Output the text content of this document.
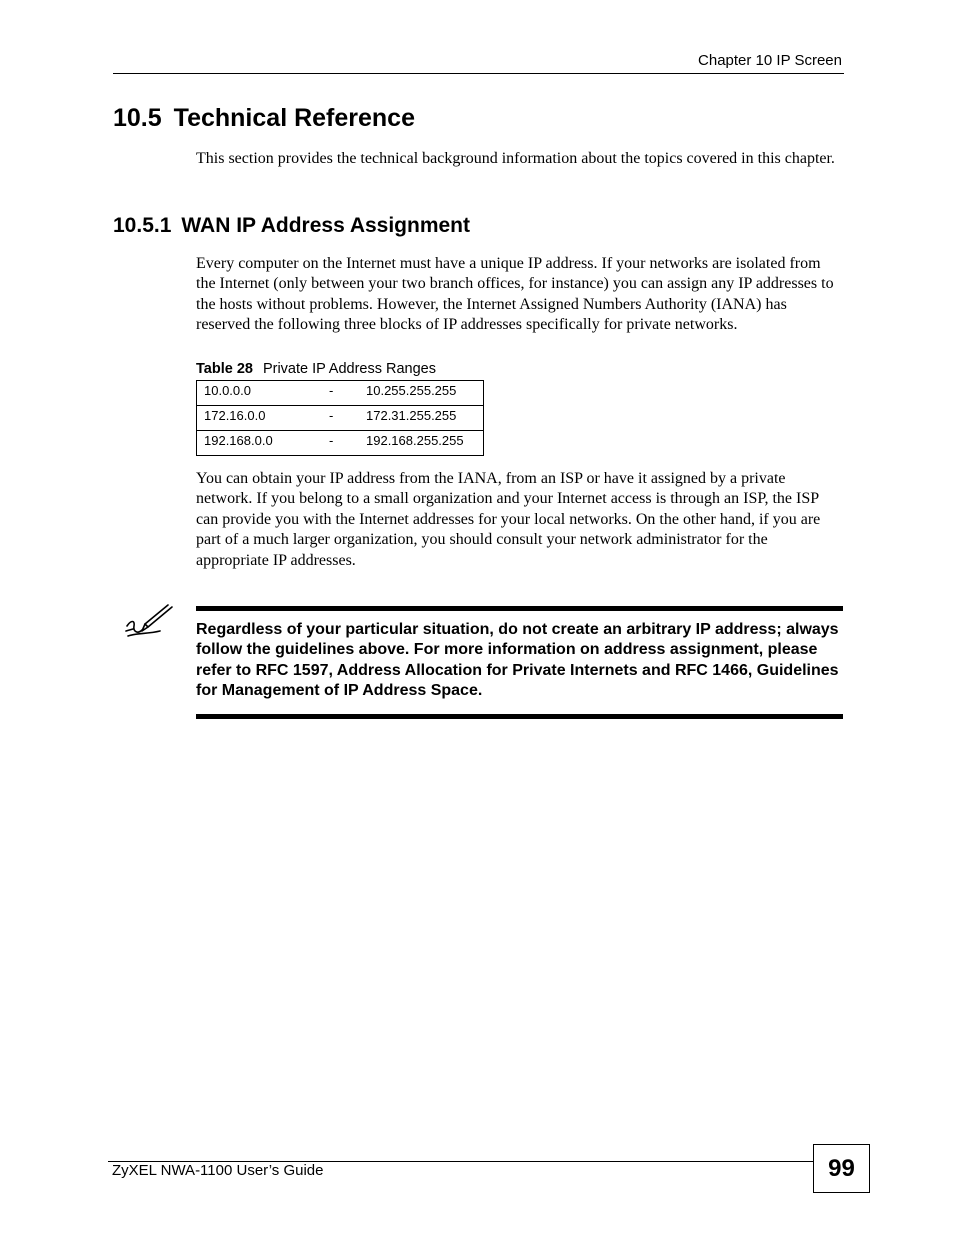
Chapter 10 IP Screen
10.5 Technical Reference

This section provides the technical background information about the topics covered in this chapter.

10.5.1 WAN IP Address Assignment

Every computer on the Internet must have a unique IP address. If your networks are isolated from the Internet (only between your two branch offices, for instance) you can assign any IP addresses to the hosts without problems. However, the Internet Assigned Numbers Authority (IANA) has reserved the following three blocks of IP addresses specifically for private networks.

Table 28 Private IP Address Ranges
10.0.0.0	-	10.255.255.255
172.16.0.0	-	172.31.255.255
192.168.0.0	-	192.168.255.255

You can obtain your IP address from the IANA, from an ISP or have it assigned by a private network. If you belong to a small organization and your Internet access is through an ISP, the ISP can provide you with the Internet addresses for your local networks. On the other hand, if you are part of a much larger organization, you should consult your network administrator for the appropriate IP addresses.

Regardless of your particular situation, do not create an arbitrary IP address; always follow the guidelines above. For more information on address assignment, please refer to RFC 1597, Address Allocation for Private Internets and RFC 1466, Guidelines for Management of IP Address Space.

ZyXEL NWA-1100 User’s Guide	99
